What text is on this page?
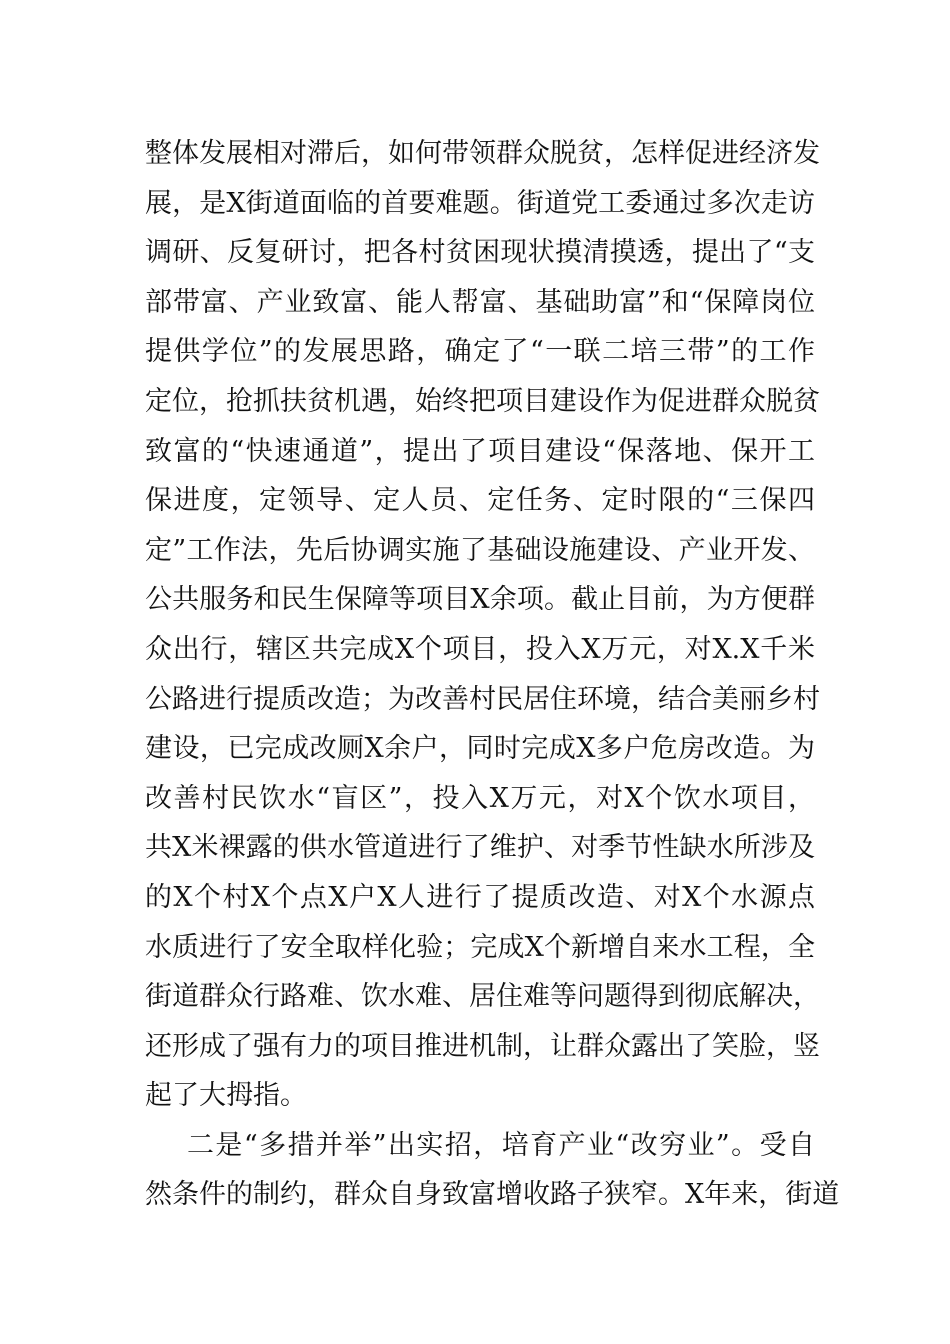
整体发展相对滞后，如何带领群众脱贫，怎样促进经济发
展，是X街道面临的首要难题。街道党工委通过多次走访
调研、反复研讨，把各村贫困现状摸清摸透，提出了“支
部带富、产业致富、能人帮富、基础助富”和“保障岗位
提供学位”的发展思路，确定了“一联二培三带”的工作
定位，抢抓扶贫机遇，始终把项目建设作为促进群众脱贫
致富的“快速通道”，提出了项目建设“保落地、保开工
保进度，定领导、定人员、定任务、定时限的“三保四
定”工作法，先后协调实施了基础设施建设、产业开发、
公共服务和民生保障等项目X余项。截止目前，为方便群
众出行，辖区共完成X个项目，投入X万元，对X.X千米
公路进行提质改造；为改善村民居住环境，结合美丽乡村
建设，已完成改厕X余户，同时完成X多户危房改造。为
改善村民饮水“盲区”，投入X万元，对X个饮水项目，
共X米裸露的供水管道进行了维护、对季节性缺水所涉及
的X个村X个点X户X人进行了提质改造、对X个水源点
水质进行了安全取样化验；完成X个新增自来水工程，全
街道群众行路难、饮水难、居住难等问题得到彻底解决，
还形成了强有力的项目推进机制，让群众露出了笑脸，竖
起了大拇指。
二是“多措并举”出实招，培育产业“改穷业”。受自
然条件的制约，群众自身致富增收路子狭窄。X年来，街道
